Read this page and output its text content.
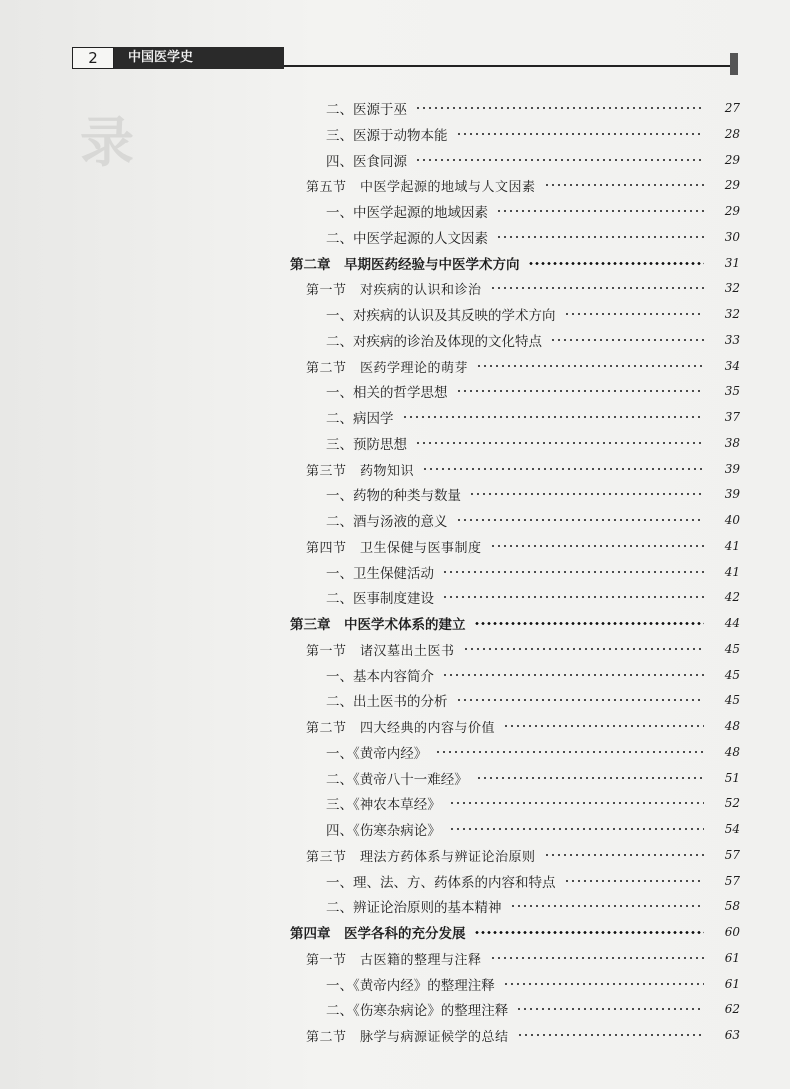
录
2	中国医学史
二、医源于巫	27
三、医源于动物本能	28
四、医食同源	29
第五节　中医学起源的地域与人文因素	29
一、中医学起源的地域因素	29
二、中医学起源的人文因素	30
第二章　早期医药经验与中医学术方向	31
第一节　对疾病的认识和诊治	32
一、对疾病的认识及其反映的学术方向	32
二、对疾病的诊治及体现的文化特点	33
第二节　医药学理论的萌芽	34
一、相关的哲学思想	35
二、病因学	37
三、预防思想	38
第三节　药物知识	39
一、药物的种类与数量	39
二、酒与汤液的意义	40
第四节　卫生保健与医事制度	41
一、卫生保健活动	41
二、医事制度建设	42
第三章　中医学术体系的建立	44
第一节　诸汉墓出土医书	45
一、基本内容简介	45
二、出土医书的分析	45
第二节　四大经典的内容与价值	48
一、《黄帝内经》	48
二、《黄帝八十一难经》	51
三、《神农本草经》	52
四、《伤寒杂病论》	54
第三节　理法方药体系与辨证论治原则	57
一、理、法、方、药体系的内容和特点	57
二、辨证论治原则的基本精神	58
第四章　医学各科的充分发展	60
第一节　古医籍的整理与注释	61
一、《黄帝内经》的整理注释	61
二、《伤寒杂病论》的整理注释	62
第二节　脉学与病源证候学的总结	63
